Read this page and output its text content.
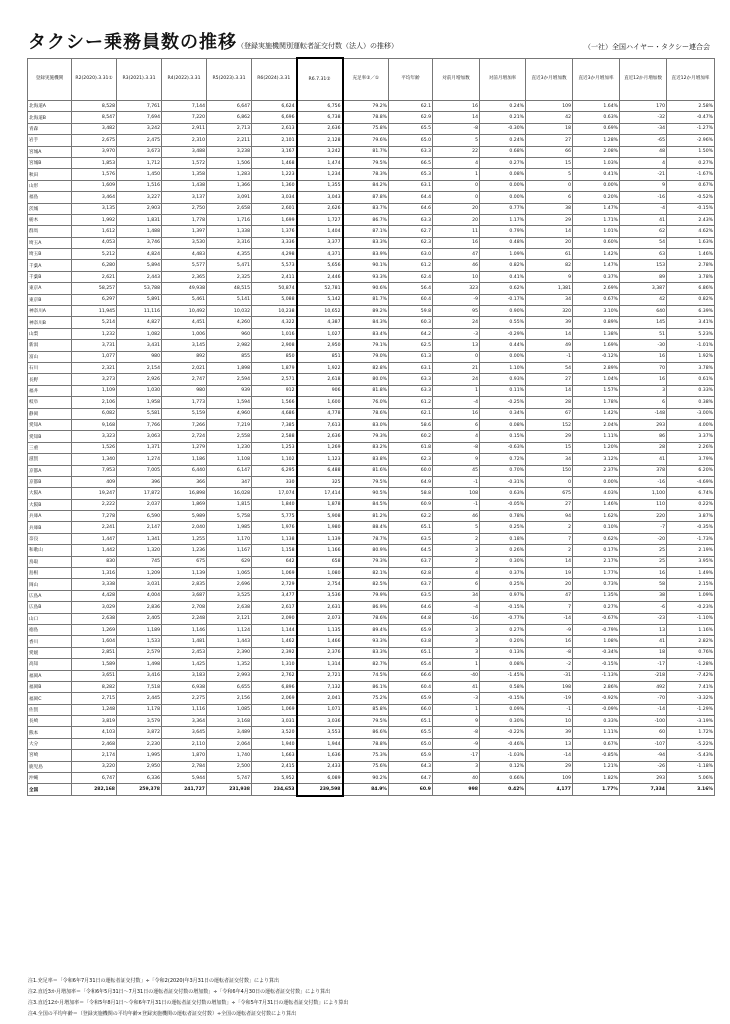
タクシー乗務員数の推移（登録実施機関別運転者証交付数（法人）の推移）	（一社）全国ハイヤー・タクシー連合会
登録実施機関	R2(2020).3.31①	R3(2021).3.31	R4(2022).3.31	R5(2023).3.31	R6(2024).3.31	R6.7.31②	充足率②／①	平均年齢	対前月増加数	対前月増加率	直近3か月増加数	直近3か月増加率	直近12か月増加数	直近12か月増加率
北海道A	8,528	7,761	7,144	6,647	6,624	6,756	79.2%	62.1	16	0.24%	109	1.64%	170	2.58%
北海道B	8,547	7,694	7,220	6,862	6,696	6,738	78.8%	62.9	14	0.21%	42	0.63%	-32	-0.47%
青森	3,482	3,242	2,911	2,713	2,613	2,636	75.8%	65.5	-8	-0.30%	18	0.69%	-34	-1.27%
岩手	2,675	2,475	2,310	2,211	2,101	2,128	79.6%	65.0	5	0.24%	27	1.28%	-65	-2.96%
宮城A	3,970	3,673	3,488	3,238	3,167	3,242	81.7%	63.3	22	0.68%	66	2.08%	48	1.50%
宮城B	1,853	1,712	1,572	1,506	1,468	1,474	79.5%	66.5	4	0.27%	15	1.03%	4	0.27%
秋田	1,576	1,450	1,358	1,283	1,223	1,234	78.3%	65.3	1	0.08%	5	0.41%	-21	-1.67%
山形	1,609	1,516	1,438	1,366	1,360	1,355	84.2%	63.1	0	0.00%	0	0.00%	9	0.67%
福島	3,464	3,227	3,137	3,091	3,034	3,043	87.8%	64.4	0	0.00%	6	0.20%	-16	-0.52%
茨城	3,135	2,903	2,750	2,658	2,601	2,626	83.7%	64.6	20	0.77%	38	1.47%	-4	-0.15%
栃木	1,992	1,831	1,778	1,716	1,699	1,727	86.7%	63.3	20	1.17%	29	1.71%	41	2.43%
群馬	1,612	1,488	1,397	1,338	1,376	1,404	87.1%	62.7	11	0.79%	14	1.01%	62	4.62%
埼玉A	4,053	3,746	3,530	3,316	3,336	3,377	83.3%	62.3	16	0.48%	20	0.60%	54	1.63%
埼玉B	5,212	4,824	4,483	4,355	4,298	4,371	83.9%	63.0	47	1.09%	61	1.42%	63	1.46%
千葉A	6,280	5,894	5,577	5,471	5,573	5,656	90.1%	61.2	46	0.82%	82	1.47%	153	2.78%
千葉B	2,621	2,443	2,365	2,325	2,411	2,446	93.3%	62.4	10	0.41%	9	0.37%	89	3.78%
東京A	58,257	53,788	49,938	48,515	50,874	52,781	90.6%	56.4	323	0.62%	1,381	2.69%	3,387	6.86%
東京B	6,297	5,891	5,461	5,141	5,088	5,142	81.7%	60.4	-9	-0.17%	34	0.67%	42	0.82%
神奈川A	11,945	11,116	10,492	10,032	10,238	10,652	89.2%	59.8	95	0.90%	320	3.10%	640	6.39%
神奈川B	5,214	4,827	4,451	4,260	4,322	4,387	84.3%	60.3	24	0.55%	39	0.89%	145	3.41%
山梨	1,232	1,082	1,006	960	1,016	1,027	83.4%	64.2	-3	-0.29%	14	1.38%	51	5.23%
新潟	3,731	3,431	3,145	2,982	2,908	2,950	79.1%	62.5	13	0.44%	49	1.69%	-30	-1.01%
富山	1,077	980	892	855	850	851	79.0%	61.3	0	0.00%	-1	-0.12%	16	1.92%
石川	2,321	2,154	2,021	1,898	1,879	1,922	82.8%	63.1	21	1.10%	54	2.89%	70	3.78%
長野	3,273	2,926	2,747	2,594	2,571	2,618	80.0%	63.3	24	0.93%	27	1.04%	16	0.61%
福井	1,109	1,030	980	939	912	906	81.8%	63.3	1	0.11%	14	1.57%	3	0.33%
岐阜	2,106	1,958	1,773	1,594	1,566	1,600	76.0%	61.2	-4	-0.25%	28	1.78%	6	0.38%
静岡	6,082	5,581	5,159	4,960	4,686	4,778	78.6%	62.1	16	0.34%	67	1.42%	-148	-3.00%
愛知A	9,168	7,766	7,266	7,219	7,385	7,613	83.0%	58.6	6	0.08%	152	2.04%	293	4.00%
愛知B	3,323	3,063	2,724	2,558	2,588	2,636	79.3%	60.2	4	0.15%	29	1.11%	86	3.37%
三重	1,526	1,371	1,279	1,230	1,253	1,269	83.2%	61.8	-8	-0.63%	15	1.20%	28	2.26%
滋賀	1,340	1,274	1,186	1,108	1,102	1,123	83.8%	62.3	9	0.72%	34	3.12%	41	3.79%
京都A	7,953	7,005	6,440	6,147	6,295	6,488	81.6%	60.0	45	0.70%	150	2.37%	378	6.20%
京都B	409	396	366	347	330	325	79.5%	64.9	-1	-0.31%	0	0.00%	-16	-4.69%
大阪A	19,247	17,872	16,898	16,028	17,074	17,414	90.5%	58.8	108	0.63%	675	4.03%	1,100	6.74%
大阪B	2,222	2,037	1,869	1,815	1,840	1,878	84.5%	60.9	-1	-0.05%	27	1.46%	110	0.22%
兵庫A	7,278	6,590	5,989	5,758	5,775	5,908	81.2%	62.2	46	0.78%	94	1.62%	220	3.87%
兵庫B	2,241	2,147	2,040	1,985	1,976	1,980	88.4%	65.1	5	0.25%	2	0.10%	-7	-0.35%
奈良	1,447	1,341	1,255	1,170	1,138	1,139	78.7%	63.5	2	0.18%	7	0.62%	-20	-1.73%
和歌山	1,442	1,320	1,236	1,167	1,158	1,166	80.9%	64.5	3	0.26%	2	0.17%	25	2.19%
鳥取	830	745	675	629	642	658	79.3%	63.7	2	0.30%	14	2.17%	25	3.95%
島根	1,316	1,209	1,139	1,065	1,069	1,080	82.1%	62.8	4	0.37%	19	1.77%	16	1.49%
岡山	3,338	3,031	2,835	2,696	2,729	2,754	82.5%	63.7	6	0.25%	20	0.73%	58	2.15%
広島A	4,428	4,004	3,687	3,525	3,477	3,536	79.9%	63.5	34	0.97%	47	1.35%	38	1.09%
広島B	3,029	2,836	2,708	2,638	2,617	2,631	86.9%	64.6	-4	-0.15%	7	0.27%	-6	-0.23%
山口	2,638	2,405	2,248	2,121	2,090	2,073	78.6%	64.8	-16	-0.77%	-14	-0.67%	-23	-1.10%
徳島	1,269	1,189	1,146	1,124	1,144	1,135	89.4%	65.9	3	0.27%	-9	-0.79%	13	1.16%
香川	1,604	1,533	1,481	1,443	1,462	1,466	93.3%	63.8	3	0.20%	16	1.08%	41	2.82%
愛媛	2,851	2,579	2,453	2,390	2,392	2,376	83.3%	65.1	3	0.13%	-8	-0.34%	18	0.76%
高知	1,589	1,498	1,425	1,352	1,310	1,314	82.7%	65.4	1	0.08%	-2	-0.15%	-17	-1.28%
福岡A	3,651	3,416	3,183	2,993	2,762	2,721	74.5%	66.6	-40	-1.45%	-31	-1.13%	-218	-7.42%
福岡B	8,282	7,518	6,938	6,655	6,896	7,132	86.1%	60.4	41	0.58%	198	2.86%	492	7.41%
福岡C	2,715	2,445	2,275	2,156	2,069	2,041	75.2%	65.9	-3	-0.15%	-19	-0.92%	-70	-3.32%
佐賀	1,248	1,178	1,116	1,085	1,069	1,071	85.8%	66.0	1	0.09%	-1	-0.09%	-14	-1.29%
長崎	3,819	3,579	3,364	3,168	3,031	3,036	79.5%	65.1	9	0.30%	10	0.33%	-100	-3.19%
熊本	4,103	3,872	3,645	3,489	3,520	3,553	86.6%	65.5	-8	-0.22%	39	1.11%	60	1.72%
大分	2,468	2,230	2,110	2,064	1,940	1,944	78.8%	65.0	-9	-0.46%	13	0.67%	-107	-5.22%
宮崎	2,174	1,995	1,870	1,740	1,663	1,636	75.3%	65.9	-17	-1.03%	-14	-0.85%	-94	-5.43%
鹿児島	3,220	2,950	2,784	2,500	2,415	2,433	75.6%	64.3	3	0.12%	29	1.21%	-26	-1.18%
沖縄	6,747	6,336	5,944	5,747	5,952	6,089	90.2%	64.7	40	0.66%	109	1.82%	293	5.06%
全国	282,168	259,378	241,727	231,938	234,653	239,598	84.9%	60.9	998	0.42%	4,177	1.77%	7,334	3.16%
注1.充足率＝「令和6年7月31日の運転者証交付数」÷「令和2(2020)年3月31日の運転者証交付数」により算出
注2.直近3か月増加率＝「令和6年5月31日～7月31日の運転者証交付数の増加数」÷「令和6年4月30日の運転者証交付数」により算出
注3.直近12か月増加率＝「令和5年8月1日～令和6年7月31日の運転者証交付数の増加数」÷「令和5年7月31日の運転者証交付数」により算出
注4.全国の平均年齢＝（登録実施機関の平均年齢×登録実施機関の運転者証交付数）÷全国の運転者証交付数により算出
